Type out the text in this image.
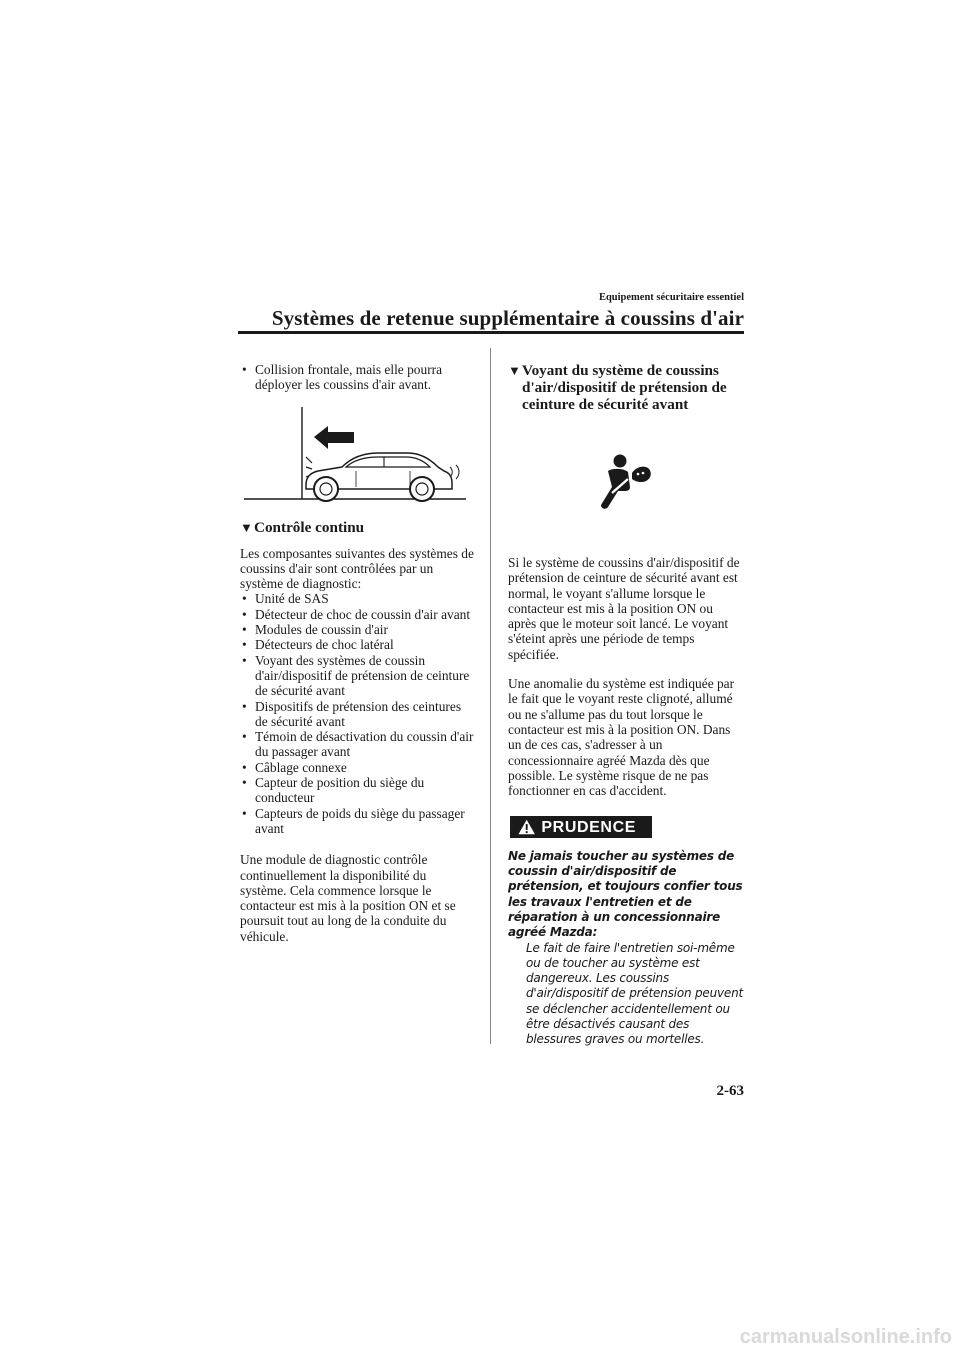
Equipement sécuritaire essentiel
Systèmes de retenue supplémentaire à coussins d'air
• Collision frontale, mais elle pourra déployer les coussins d'air avant.
▼ Contrôle continu

Les composantes suivantes des systèmes de coussins d'air sont contrôlées par un système de diagnostic:

• Unité de SAS
• Détecteur de choc de coussin d'air avant
• Modules de coussin d'air
• Détecteurs de choc latéral
• Voyant des systèmes de coussin d'air/dispositif de prétension de ceinture de sécurité avant
• Dispositifs de prétension des ceintures de sécurité avant
• Témoin de désactivation du coussin d'air du passager avant
• Câblage connexe
• Capteur de position du siège du conducteur
• Capteurs de poids du siège du passager avant

Une module de diagnostic contrôle continuellement la disponibilité du système. Cela commence lorsque le contacteur est mis à la position ON et se poursuit tout au long de la conduite du véhicule.

▼ Voyant du système de coussins d'air/dispositif de prétension de ceinture de sécurité avant

Si le système de coussins d'air/dispositif de prétension de ceinture de sécurité avant est normal, le voyant s'allume lorsque le contacteur est mis à la position ON ou après que le moteur soit lancé. Le voyant s'éteint après une période de temps spécifiée.

Une anomalie du système est indiquée par le fait que le voyant reste clignoté, allumé ou ne s'allume pas du tout lorsque le contacteur est mis à la position ON. Dans un de ces cas, s'adresser à un concessionnaire agréé Mazda dès que possible. Le système risque de ne pas fonctionner en cas d'accident.

PRUDENCE

Ne jamais toucher au systèmes de coussin d'air/dispositif de prétension, et toujours confier tous les travaux l'entretien et de réparation à un concessionnaire agréé Mazda:

Le fait de faire l'entretien soi-même ou de toucher au système est dangereux. Les coussins d'air/dispositif de prétension peuvent se déclencher accidentellement ou être désactivés causant des blessures graves ou mortelles.

2-63
carmanualsonline.info
